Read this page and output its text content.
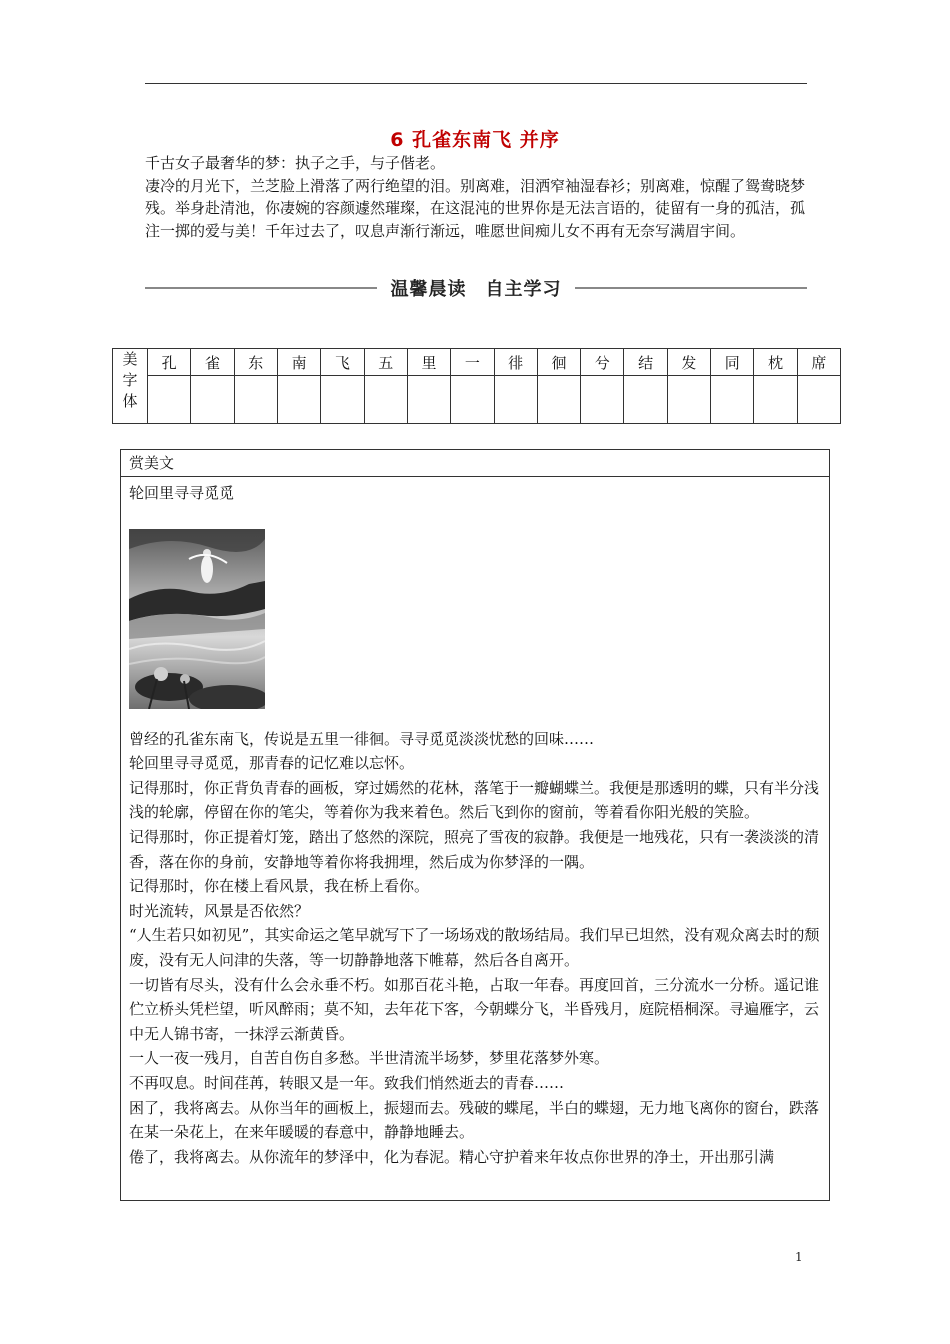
6 孔雀东南飞 并序

千古女子最奢华的梦：执子之手，与子偕老。

凄冷的月光下，兰芝脸上滑落了两行绝望的泪。别离难，泪洒窄袖湿春衫；别离难，惊醒了鸳鸯晓梦残。举身赴清池，你凄婉的容颜遽然璀璨，在这混沌的世界你是无法言语的，徒留有一身的孤洁，孤注一掷的爱与美！千年过去了，叹息声渐行渐远，唯愿世间痴儿女不再有无奈写满眉宇间。

温馨晨读　自主学习
美
字
体	孔	雀	东	南	飞	五	里	一	徘	徊	兮	结	发	同	枕	席

赏美文

轮回里寻寻觅觅

曾经的孔雀东南飞，传说是五里一徘徊。寻寻觅觅淡淡忧愁的回味……

轮回里寻寻觅觅，那青春的记忆难以忘怀。

记得那时，你正背负青春的画板，穿过嫣然的花林，落笔于一瓣蝴蝶兰。我便是那透明的蝶，只有半分浅浅的轮廓，停留在你的笔尖，等着你为我来着色。然后飞到你的窗前，等着看你阳光般的笑脸。

记得那时，你正提着灯笼，踏出了悠然的深院，照亮了雪夜的寂静。我便是一地残花，只有一袭淡淡的清香，落在你的身前，安静地等着你将我拥埋，然后成为你梦泽的一隅。

记得那时，你在楼上看风景，我在桥上看你。

时光流转，风景是否依然？

“人生若只如初见”，其实命运之笔早就写下了一场场戏的散场结局。我们早已坦然，没有观众离去时的颓废，没有无人问津的失落，等一切静静地落下帷幕，然后各自离开。

一切皆有尽头，没有什么会永垂不朽。如那百花斗艳，占取一年春。再度回首，三分流水一分桥。遥记谁伫立桥头凭栏望，听风醉雨；莫不知，去年花下客，今朝蝶分飞，半昏残月，庭院梧桐深。寻遍雁字，云中无人锦书寄，一抹浮云渐黄昏。

一人一夜一残月，自苦自伤自多愁。半世清流半场梦，梦里花落梦外寒。

不再叹息。时间荏苒，转眼又是一年。致我们悄然逝去的青春……

困了，我将离去。从你当年的画板上，振翅而去。残破的蝶尾，半白的蝶翅，无力地飞离你的窗台，跌落在某一朵花上，在来年暖暖的春意中，静静地睡去。

倦了，我将离去。从你流年的梦泽中，化为春泥。精心守护着来年妆点你世界的净土，开出那引满

1
